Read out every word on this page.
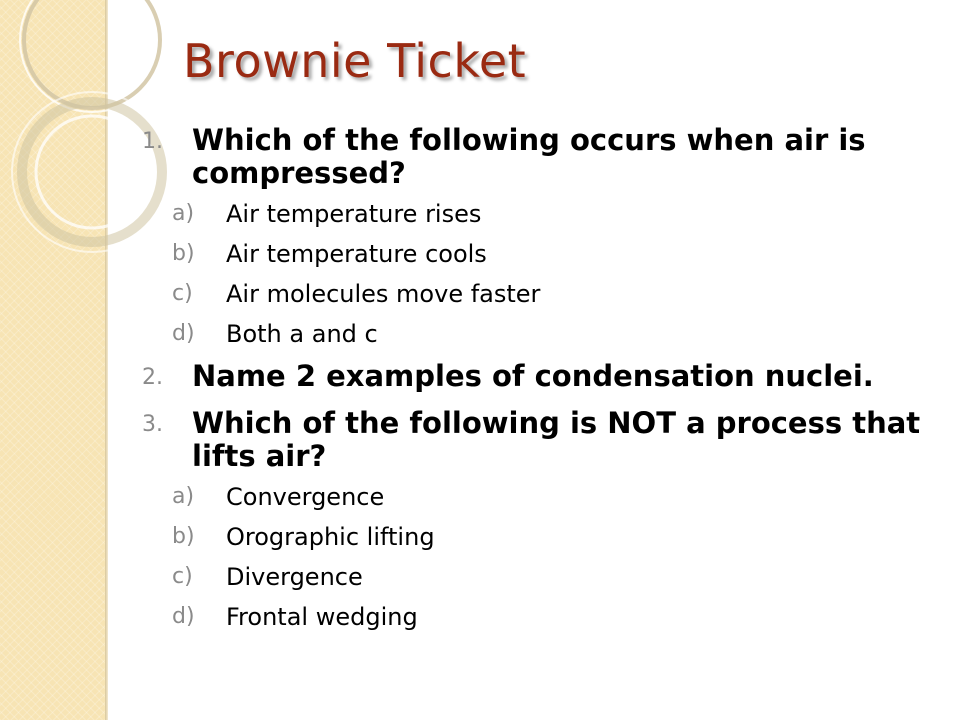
Brownie Ticket
1. Which of the following occurs when air is compressed?
a) Air temperature rises
b) Air temperature cools
c) Air molecules move faster
d) Both a and c
2. Name 2 examples of condensation nuclei.
3. Which of the following is NOT a process that lifts air?
a) Convergence
b) Orographic lifting
c) Divergence
d) Frontal wedging
